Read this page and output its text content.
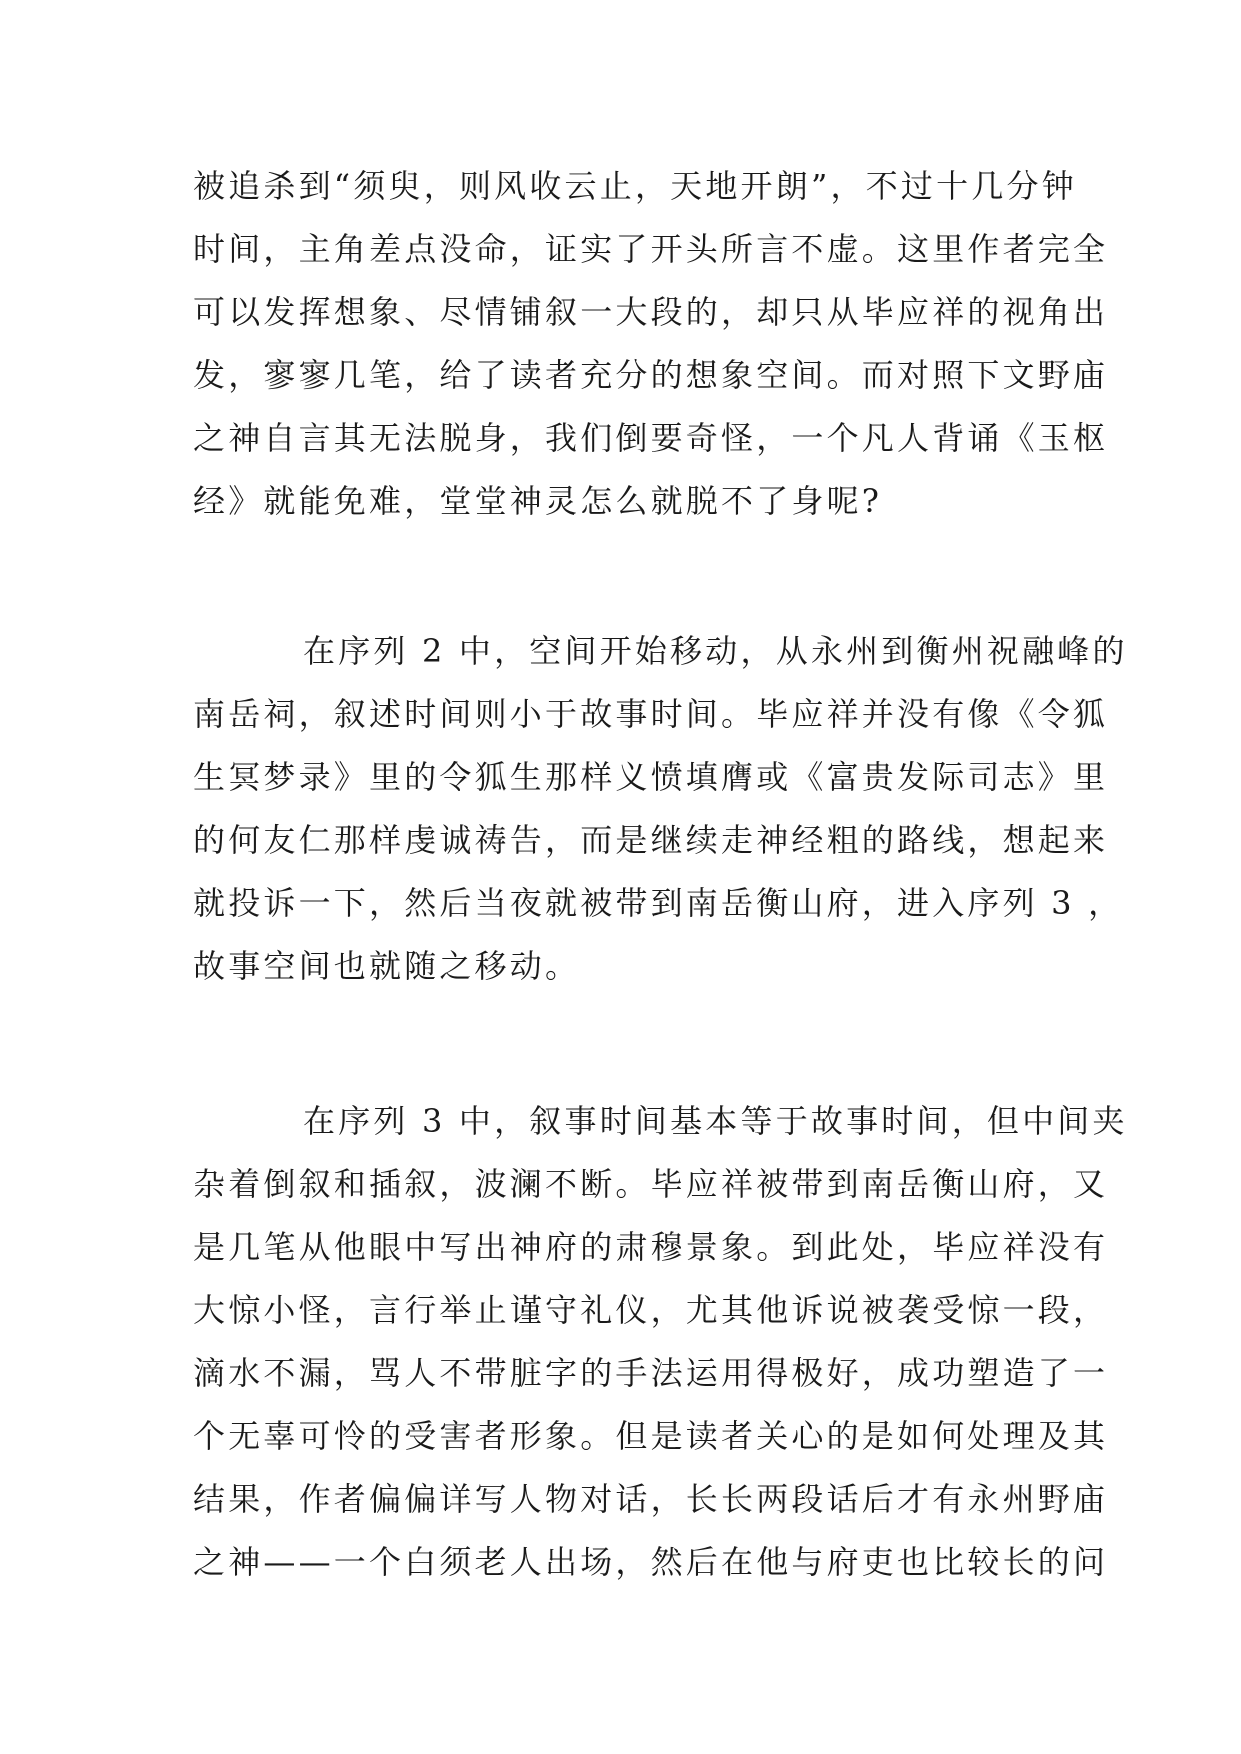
被追杀到“须臾，则风收云止，天地开朗”，不过十几分钟
时间，主角差点没命，证实了开头所言不虚。这里作者完全
可以发挥想象、尽情铺叙一大段的，却只从毕应祥的视角出
发，寥寥几笔，给了读者充分的想象空间。而对照下文野庙
之神自言其无法脱身，我们倒要奇怪，一个凡人背诵《玉枢
经》就能免难，堂堂神灵怎么就脱不了身呢?

在序列 2 中，空间开始移动，从永州到衡州祝融峰的
南岳祠，叙述时间则小于故事时间。毕应祥并没有像《令狐
生冥梦录》里的令狐生那样义愤填膺或《富贵发际司志》里
的何友仁那样虔诚祷告，而是继续走神经粗的路线，想起来
就投诉一下，然后当夜就被带到南岳衡山府，进入序列 3 ，
故事空间也就随之移动。

在序列 3 中，叙事时间基本等于故事时间，但中间夹
杂着倒叙和插叙，波澜不断。毕应祥被带到南岳衡山府，又
是几笔从他眼中写出神府的肃穆景象。到此处，毕应祥没有
大惊小怪，言行举止谨守礼仪，尤其他诉说被袭受惊一段，
滴水不漏，骂人不带脏字的手法运用得极好，成功塑造了一
个无辜可怜的受害者形象。但是读者关心的是如何处理及其
结果，作者偏偏详写人物对话，长长两段话后才有永州野庙
之神——一个白须老人出场，然后在他与府吏也比较长的问
